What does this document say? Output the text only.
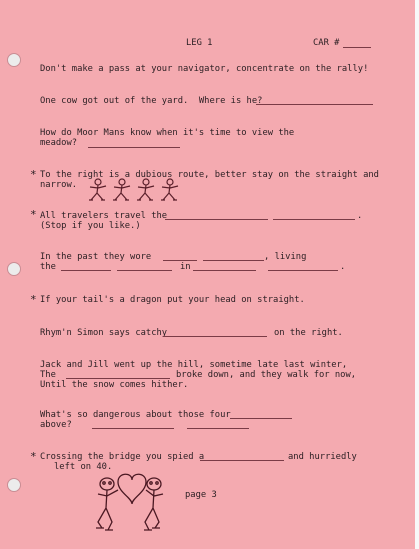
LEG 1	CAR #
Don't make a pass at your navigator, concentrate on the rally!
One cow got out of the yard.  Where is he?
How do Moor Mans know when it's time to view the
meadow?
* To the right is a dubious route, better stay on the straight and
narrow.
* All travelers travel the	.
(Stop if you like.)
In the past they wore	, living
the	in	.
* If your tail's a dragon put your head on straight.
Rhym'n Simon says catchy	on the right.
Jack and Jill went up the hill, sometime late last winter,
The	broke down, and they walk for now,
Until the snow comes hither.
What's so dangerous about those four
above?
* Crossing the bridge you spied a	and hurriedly
left on 40.
page 3
